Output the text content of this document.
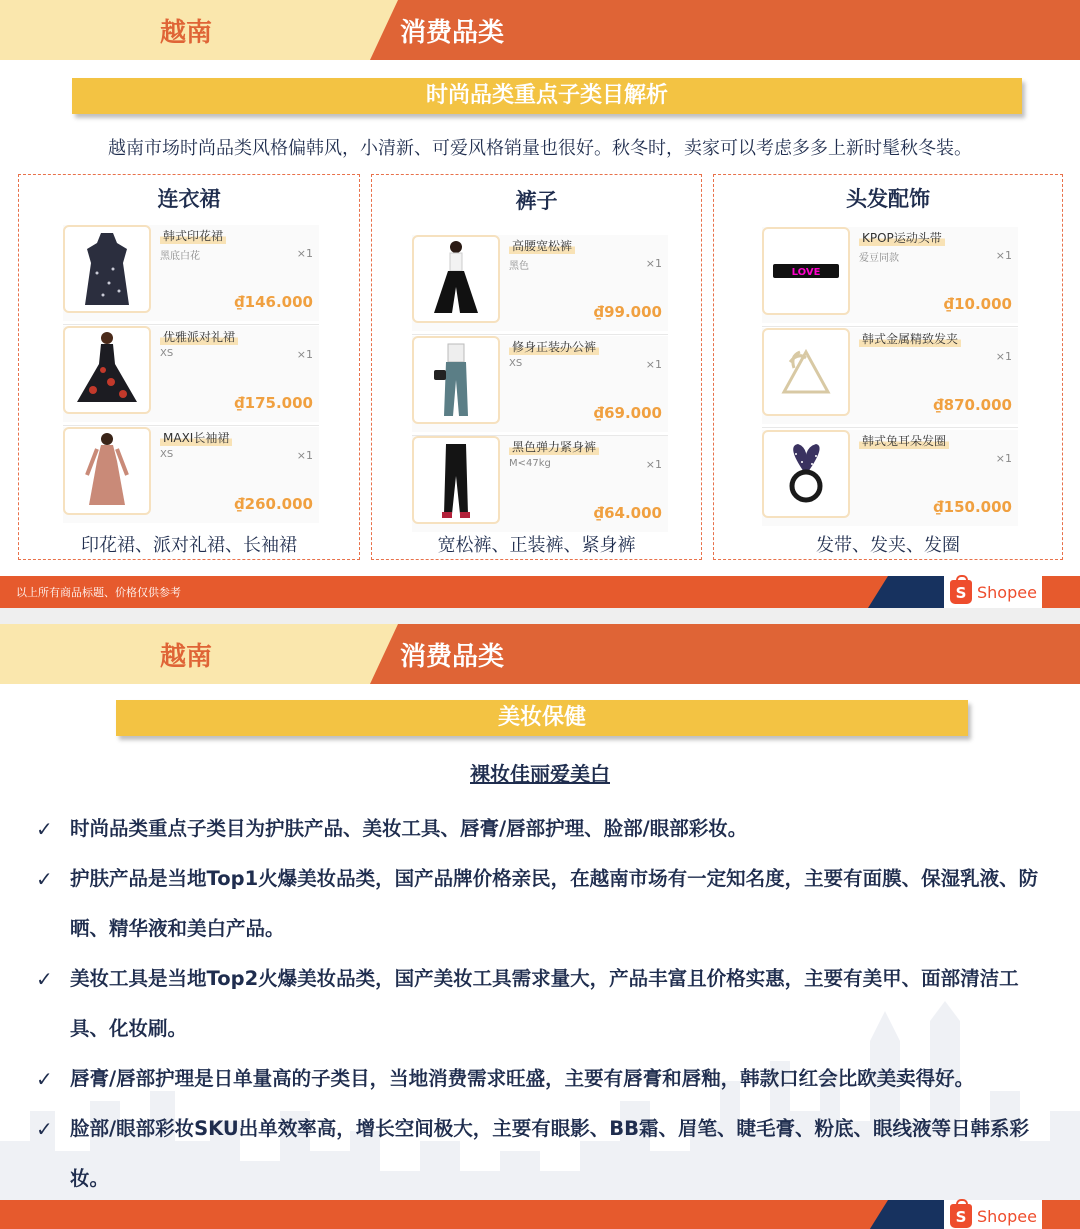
越南	消费品类
时尚品类重点子类目解析
越南市场时尚品类风格偏韩风，小清新、可爱风格销量也很好。秋冬时，卖家可以考虑多多上新时髦秋冬装。
连衣裙
韩式印花裙
黑底白花	×1
₫146.000
优雅派对礼裙
XS	×1
₫175.000
MAXI长袖裙
XS	×1
₫260.000
印花裙、派对礼裙、长袖裙
裤子
高腰宽松裤
黑色	×1
₫99.000
修身正装办公裤
XS	×1
₫69.000
黑色弹力紧身裤
M<47kg	×1
₫64.000
宽松裤、正装裤、紧身裤
头发配饰
LOVE
KPOP运动头带
爱豆同款	×1
₫10.000
韩式金属精致发夹
×1
₫870.000
韩式兔耳朵发圈
×1
₫150.000
发带、发夹、发圈
以上所有商品标题、价格仅供参考	S Shopee
越南	消费品类
美妆保健
裸妆佳丽爱美白
✓ 时尚品类重点子类目为护肤产品、美妆工具、唇膏/唇部护理、脸部/眼部彩妆。
✓ 护肤产品是当地Top1火爆美妆品类，国产品牌价格亲民，在越南市场有一定知名度，主要有面膜、保湿乳液、防晒、精华液和美白产品。
✓ 美妆工具是当地Top2火爆美妆品类，国产美妆工具需求量大，产品丰富且价格实惠，主要有美甲、面部清洁工具、化妆刷。
✓ 唇膏/唇部护理是日单量高的子类目，当地消费需求旺盛，主要有唇膏和唇釉，韩款口红会比欧美卖得好。
✓ 脸部/眼部彩妆SKU出单效率高，增长空间极大，主要有眼影、BB霜、眉笔、睫毛膏、粉底、眼线液等日韩系彩妆。
S Shopee
